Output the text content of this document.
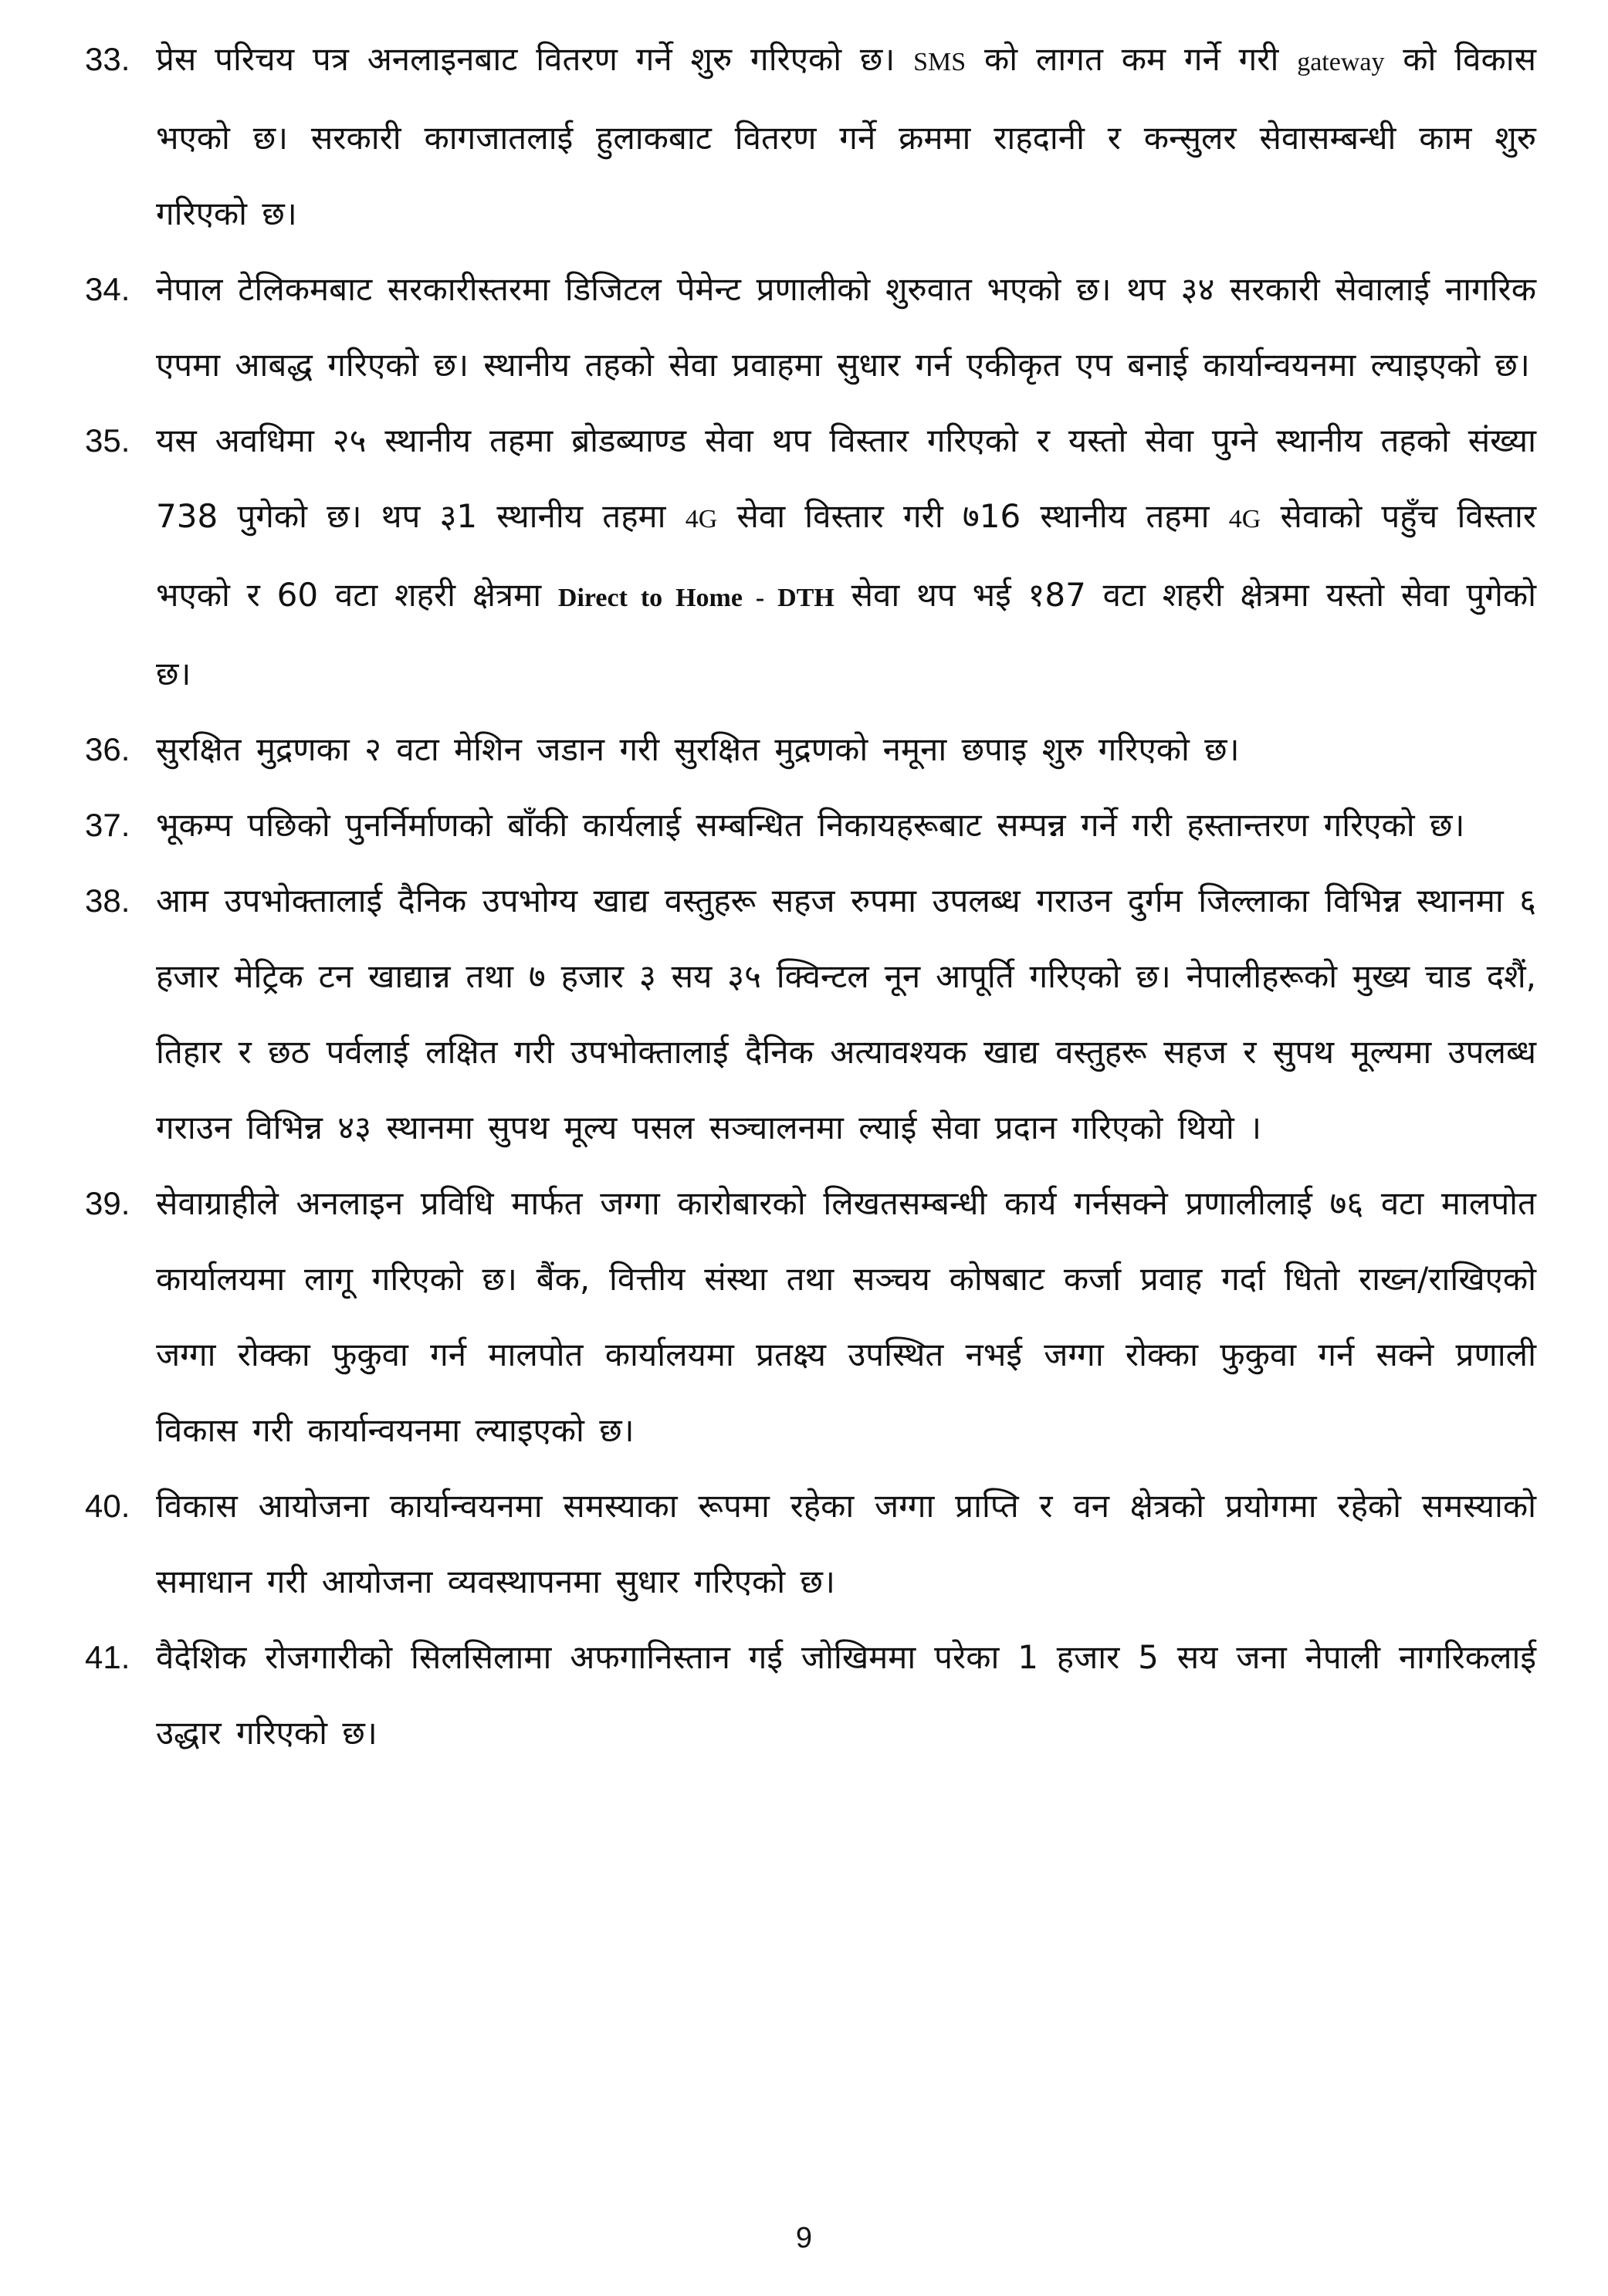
33. प्रेस परिचय पत्र अनलाइनबाट वितरण गर्ने शुरु गरिएको छ। SMS को लागत कम गर्ने गरी gateway को विकास भएको छ। सरकारी कागजातलाई हुलाकबाट वितरण गर्ने क्रममा राहदानी र कन्सुलर सेवासम्बन्धी काम शुरु गरिएको छ।
34. नेपाल टेलिकमबाट सरकारीस्तरमा डिजिटल पेमेन्ट प्रणालीको शुरुवात भएको छ। थप ३४ सरकारी सेवालाई नागरिक एपमा आबद्ध गरिएको छ। स्थानीय तहको सेवा प्रवाहमा सुधार गर्न एकीकृत एप बनाई कार्यान्वयनमा ल्याइएको छ।
35. यस अवधिमा २५ स्थानीय तहमा ब्रोडब्याण्ड सेवा थप विस्तार गरिएको र यस्तो सेवा पुग्ने स्थानीय तहको संख्या 738 पुगेको छ। थप ३1 स्थानीय तहमा 4G सेवा विस्तार गरी ७16 स्थानीय तहमा 4G सेवाको पहुँच विस्तार भएको र 60 वटा शहरी क्षेत्रमा Direct to Home - DTH सेवा थप भई १87 वटा शहरी क्षेत्रमा यस्तो सेवा पुगेको छ।
36. सुरक्षित मुद्रणका २ वटा मेशिन जडान गरी सुरक्षित मुद्रणको नमूना छपाइ शुरु गरिएको छ।
37. भूकम्प पछिको पुनर्निर्माणको बाँकी कार्यलाई सम्बन्धित निकायहरूबाट सम्पन्न गर्ने गरी हस्तान्तरण गरिएको छ।
38. आम उपभोक्तालाई दैनिक उपभोग्य खाद्य वस्तुहरू सहज रुपमा उपलब्ध गराउन दुर्गम जिल्लाका विभिन्न स्थानमा ६ हजार मेट्रिक टन खाद्यान्न तथा ७ हजार ३ सय ३५ क्विन्टल नून आपूर्ति गरिएको छ। नेपालीहरूको मुख्य चाड दशैं, तिहार र छठ पर्वलाई लक्षित गरी उपभोक्तालाई दैनिक अत्यावश्यक खाद्य वस्तुहरू सहज र सुपथ मूल्यमा उपलब्ध गराउन विभिन्न ४३ स्थानमा सुपथ मूल्य पसल सञ्चालनमा ल्याई सेवा प्रदान गरिएको थियो ।
39. सेवाग्राहीले अनलाइन प्रविधि मार्फत जग्गा कारोबारको लिखतसम्बन्धी कार्य गर्नसक्ने प्रणालीलाई ७६ वटा मालपोत कार्यालयमा लागू गरिएको छ। बैंक, वित्तीय संस्था तथा सञ्चय कोषबाट कर्जा प्रवाह गर्दा धितो राख्न/राखिएको जग्गा रोक्का फुकुवा गर्न मालपोत कार्यालयमा प्रतक्ष्य उपस्थित नभई जग्गा रोक्का फुकुवा गर्न सक्ने प्रणाली विकास गरी कार्यान्वयनमा ल्याइएको छ।
40. विकास आयोजना कार्यान्वयनमा समस्याका रूपमा रहेका जग्गा प्राप्ति र वन क्षेत्रको प्रयोगमा रहेको समस्याको समाधान गरी आयोजना व्यवस्थापनमा सुधार गरिएको छ।
41. वैदेशिक रोजगारीको सिलसिलामा अफगानिस्तान गई जोखिममा परेका 1 हजार 5 सय जना नेपाली नागरिकलाई उद्धार गरिएको छ।
9
